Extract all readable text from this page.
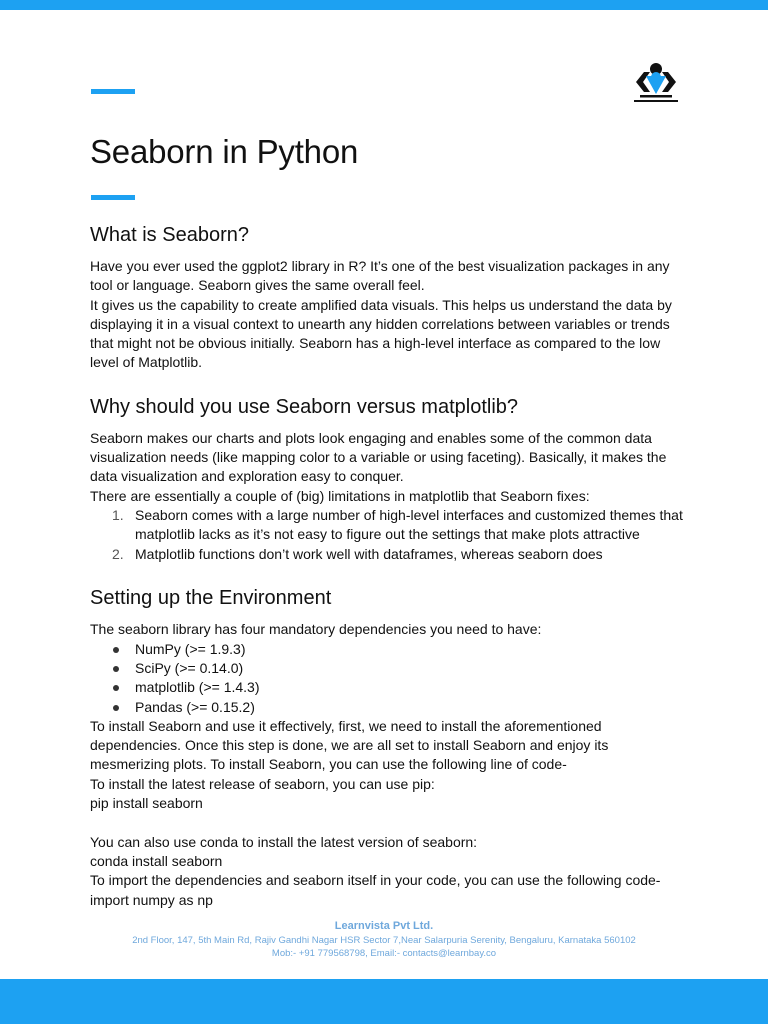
Seaborn in Python
What is Seaborn?

Have you ever used the ggplot2 library in R? It’s one of the best visualization packages in any

tool or language. Seaborn gives the same overall feel.

It gives us the capability to create amplified data visuals. This helps us understand the data by

displaying it in a visual context to unearth any hidden correlations between variables or trends

that might not be obvious initially. Seaborn has a high-level interface as compared to the low

level of Matplotlib.

Why should you use Seaborn versus matplotlib?

Seaborn makes our charts and plots look engaging and enables some of the common data

visualization needs (like mapping color to a variable or using faceting). Basically, it makes the

data visualization and exploration easy to conquer.

There are essentially a couple of (big) limitations in matplotlib that Seaborn fixes:

1. Seaborn comes with a large number of high-level interfaces and customized themes that
matplotlib lacks as it’s not easy to figure out the settings that make plots attractive
2. Matplotlib functions don’t work well with dataframes, whereas seaborn does
Setting up the Environment

The seaborn library has four mandatory dependencies you need to have:

NumPy (>= 1.9.3)
SciPy (>= 0.14.0)
matplotlib (>= 1.4.3)
Pandas (>= 0.15.2)

To install Seaborn and use it effectively, first, we need to install the aforementioned

dependencies. Once this step is done, we are all set to install Seaborn and enjoy its

mesmerizing plots. To install Seaborn, you can use the following line of code-

To install the latest release of seaborn, you can use pip:

pip install seaborn

You can also use conda to install the latest version of seaborn:

conda install seaborn

To import the dependencies and seaborn itself in your code, you can use the following code-

import numpy as np

Learnvista Pvt Ltd.
2nd Floor, 147, 5th Main Rd, Rajiv Gandhi Nagar HSR Sector 7,Near Salarpuria Serenity, Bengaluru, Karnataka 560102
Mob:- +91 779568798, Email:- contacts@learnbay.co
